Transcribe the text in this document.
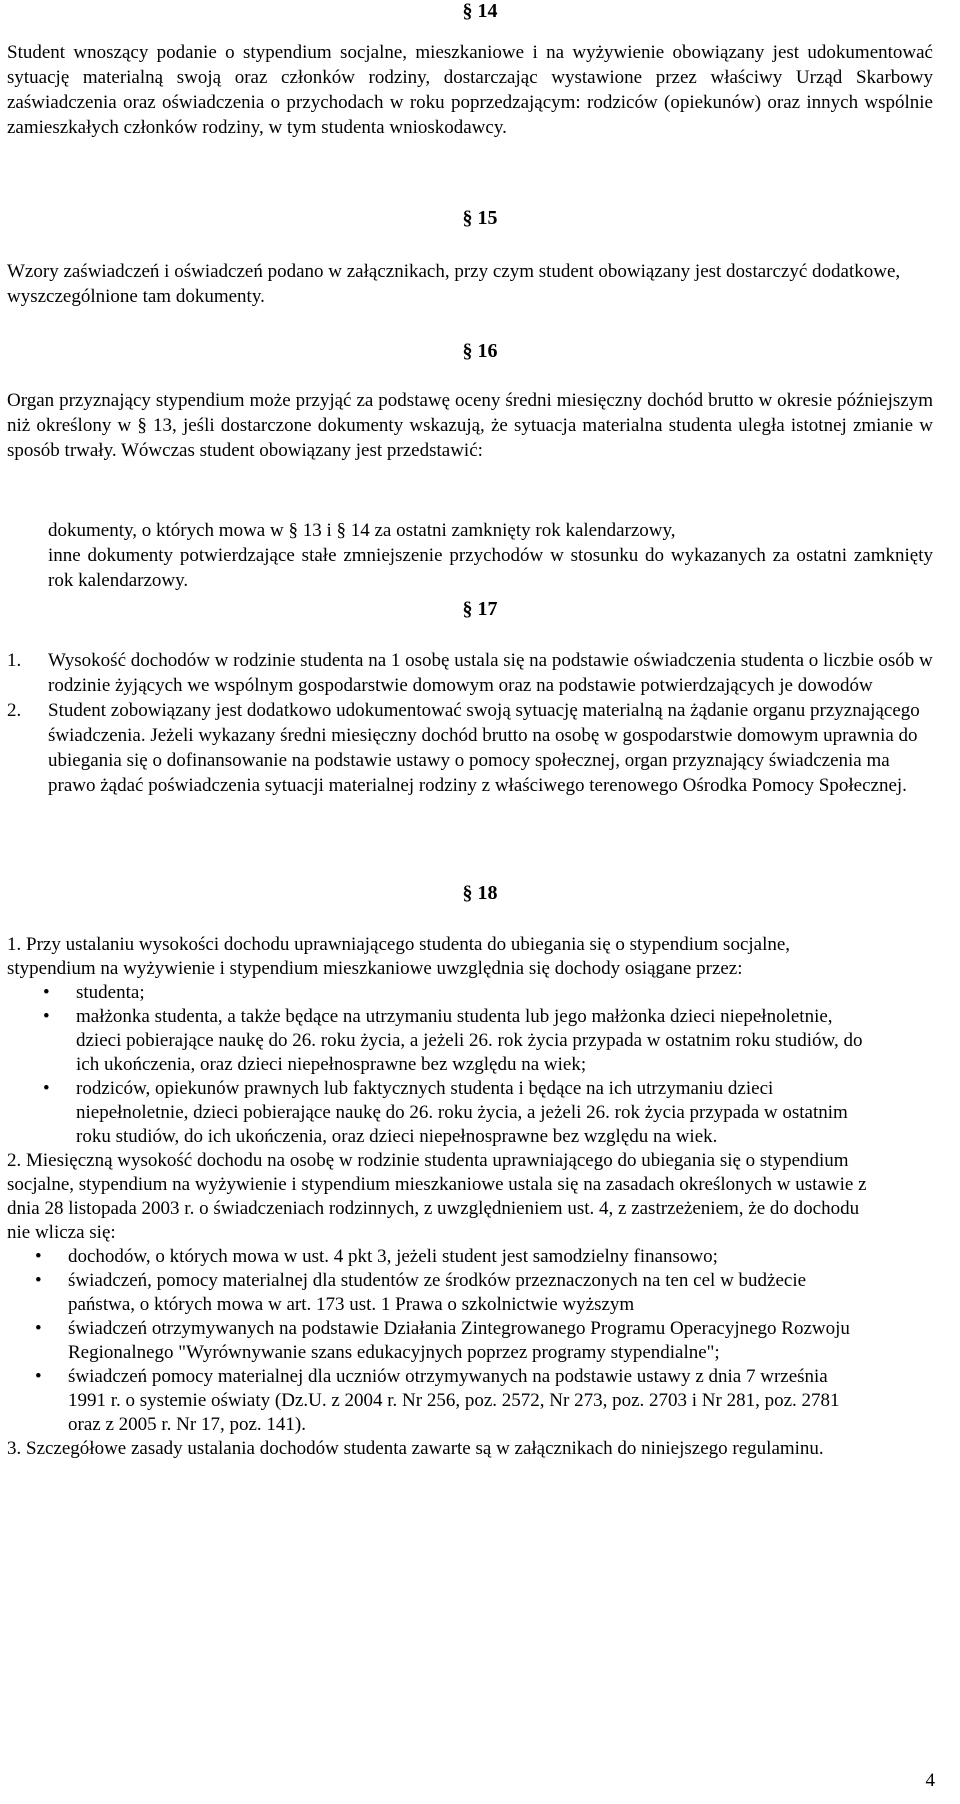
§ 14
Student wnoszący podanie o stypendium socjalne, mieszkaniowe i na wyżywienie obowiązany jest udokumentować sytuację materialną swoją oraz członków rodziny, dostarczając wystawione przez właściwy Urząd Skarbowy zaświadczenia oraz oświadczenia o przychodach w roku poprzedzającym: rodziców (opiekunów) oraz innych wspólnie zamieszkałych członków rodziny, w tym studenta wnioskodawcy.
§ 15
Wzory zaświadczeń i oświadczeń podano w załącznikach, przy czym student obowiązany jest dostarczyć dodatkowe, wyszczególnione tam dokumenty.
§ 16
Organ przyznający stypendium może przyjąć za podstawę oceny średni miesięczny dochód brutto w okresie późniejszym niż określony w § 13, jeśli dostarczone dokumenty wskazują, że sytuacja materialna studenta uległa istotnej zmianie w sposób trwały. Wówczas student obowiązany jest przedstawić:
dokumenty, o których mowa w § 13 i § 14 za ostatni zamknięty rok kalendarzowy,
inne dokumenty potwierdzające stałe zmniejszenie przychodów w stosunku do wykazanych za ostatni zamknięty rok kalendarzowy.
§ 17
1. Wysokość dochodów w rodzinie studenta na 1 osobę ustala się na podstawie oświadczenia studenta o liczbie osób w rodzinie żyjących we wspólnym gospodarstwie domowym oraz na podstawie potwierdzających je dowodów
2. Student zobowiązany jest dodatkowo udokumentować swoją sytuację materialną na żądanie organu przyznającego świadczenia. Jeżeli wykazany średni miesięczny dochód brutto na osobę w gospodarstwie domowym uprawnia do ubiegania się o dofinansowanie na podstawie ustawy o pomocy społecznej, organ przyznający świadczenia ma prawo żądać poświadczenia sytuacji materialnej rodziny z właściwego terenowego Ośrodka Pomocy Społecznej.
§ 18
1. Przy ustalaniu wysokości dochodu uprawniającego studenta do ubiegania się o stypendium socjalne, stypendium na wyżywienie i stypendium mieszkaniowe uwzględnia się dochody osiągane przez:
• studenta;
• małżonka studenta, a także będące na utrzymaniu studenta lub jego małżonka dzieci niepełnoletnie, dzieci pobierające naukę do 26. roku życia, a jeżeli 26. rok życia przypada w ostatnim roku studiów, do ich ukończenia, oraz dzieci niepełnosprawne bez względu na wiek;
• rodziców, opiekunów prawnych lub faktycznych studenta i będące na ich utrzymaniu dzieci niepełnoletnie, dzieci pobierające naukę do 26. roku życia, a jeżeli 26. rok życia przypada w ostatnim roku studiów, do ich ukończenia, oraz dzieci niepełnosprawne bez względu na wiek.
2. Miesięczną wysokość dochodu na osobę w rodzinie studenta uprawniającego do ubiegania się o stypendium socjalne, stypendium na wyżywienie i stypendium mieszkaniowe ustala się na zasadach określonych w ustawie z dnia 28 listopada 2003 r. o świadczeniach rodzinnych, z uwzględnieniem ust. 4, z zastrzeżeniem, że do dochodu nie wlicza się:
• dochodów, o których mowa w ust. 4 pkt 3, jeżeli student jest samodzielny finansowo;
• świadczeń, pomocy materialnej dla studentów ze środków przeznaczonych na ten cel w budżecie państwa, o których mowa w art. 173 ust. 1 Prawa o szkolnictwie wyższym
• świadczeń otrzymywanych na podstawie Działania Zintegrowanego Programu Operacyjnego Rozwoju Regionalnego "Wyrównywanie szans edukacyjnych poprzez programy stypendialne";
• świadczeń pomocy materialnej dla uczniów otrzymywanych na podstawie ustawy z dnia 7 września 1991 r. o systemie oświaty (Dz.U. z 2004 r. Nr 256, poz. 2572, Nr 273, poz. 2703 i Nr 281, poz. 2781 oraz z 2005 r. Nr 17, poz. 141).
3. Szczegółowe zasady ustalania dochodów studenta zawarte są w załącznikach do niniejszego regulaminu.
4
